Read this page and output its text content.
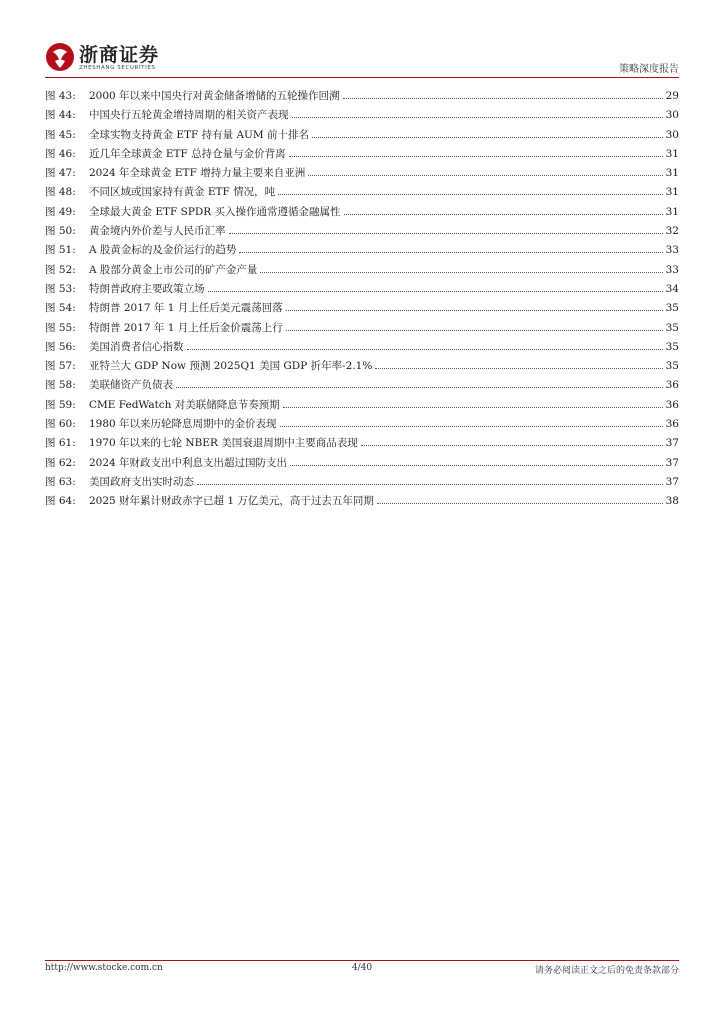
浙商证券
ZHESHANG SECURITIES	策略深度报告
图 43:	2000 年以来中国央行对黄金储备增储的五轮操作回溯	29
图 44:	中国央行五轮黄金增持周期的相关资产表现	30
图 45:	全球实物支持黄金 ETF 持有量 AUM 前十排名	30
图 46:	近几年全球黄金 ETF 总持仓量与金价背离	31
图 47:	2024 年全球黄金 ETF 增持力量主要来自亚洲	31
图 48:	不同区域或国家持有黄金 ETF 情况，吨	31
图 49:	全球最大黄金 ETF SPDR 买入操作通常遵循金融属性	31
图 50:	黄金境内外价差与人民币汇率	32
图 51:	A 股黄金标的及金价运行的趋势	33
图 52:	A 股部分黄金上市公司的矿产金产量	33
图 53:	特朗普政府主要政策立场	34
图 54:	特朗普 2017 年 1 月上任后美元震荡回落	35
图 55:	特朗普 2017 年 1 月上任后金价震荡上行	35
图 56:	美国消费者信心指数	35
图 57:	亚特兰大 GDP Now 预测 2025Q1 美国 GDP 折年率-2.1%	35
图 58:	美联储资产负债表	36
图 59:	CME FedWatch 对美联储降息节奏预期	36
图 60:	1980 年以来历轮降息周期中的金价表现	36
图 61:	1970 年以来的七轮 NBER 美国衰退周期中主要商品表现	37
图 62:	2024 年财政支出中利息支出超过国防支出	37
图 63:	美国政府支出实时动态	37
图 64:	2025 财年累计财政赤字已超 1 万亿美元，高于过去五年同期	38
http://www.stocke.com.cn	4/40	请务必阅读正文之后的免责条款部分
